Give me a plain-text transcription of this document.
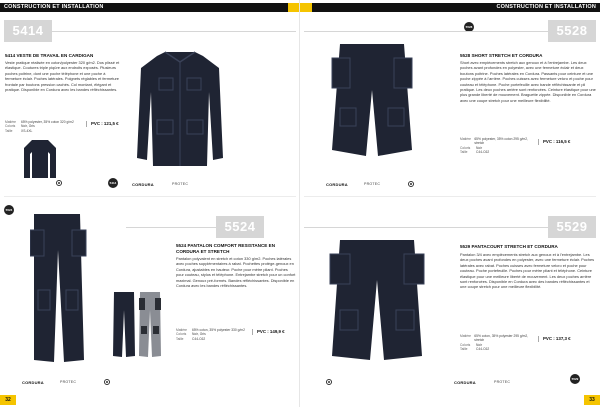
CONSTRUCTION ET INSTALLATION
5414
5414 VESTE DE TRAVAIL EN CARDIGAN
Veste pratique réalisée en coton/polyester 320 g/m2. Dos plissé et élastique. Coutures triple piqûre aux endroits exposés. Plusieurs poches poitrine, dont une poche téléphone et une poche à fermeture éclair. Poches latérales. Poignets réglables et fermeture frontale par boutons pression cachés. Col montant, élégant et pratique. Disponible en Cordura avec les bandes réfléchissantes.
Matière	65% polyester, 35% coton 320 g/m2
Coloris	Noir, Gris
Taille	XS-4XL
PVC : 121,5 €
5414	CORDURA	PROTEC
5524
5524
5524 PANTALON COMFORT RESISTANCE EN CORDURA ET STRETCH
Pantalon polyvalent en stretch et coton 330 g/m2. Poches latérales avec poches supplémentaires à rabat. Pochettes protège-genoux en Cordura, ajustables en hauteur. Poche pour mètre pliant. Poches pour couteau, stylos et téléphone. Entrejambe stretch pour un confort maximal. Genoux pré-formés. Bandes réfléchissantes. Disponible en Cordura avec les bandes réfléchissantes.
Matière	65% coton, 35% polyester 330 g/m2
Coloris	Noir, Gris
Taille	C44-C62
PVC : 149,9 €
CORDURA	PROTEC
32
CONSTRUCTION ET INSTALLATION
5528	5528
5528 SHORT STRETCH ET CORDURA
Short avec empiècements stretch aux genoux et à l'entrejambe. Les deux poches avant profondes en polyester, avec une fermeture éclair et deux boutons poitrine. Poches latérales en Cordura. Passants pour ceinture et une poche zippée à l'arrière. Poches cuisses avec fermeture velcro et poche pour couteau et téléphone. Poche portefeuille avec bande réfléchissante et pli pratique. Les deux poches arrière sont renforcées. Ceinture élastique pour une plus grande liberté de mouvement. Braguette zippée. Disponible en Cordura avec une coupe stretch pour une meilleure flexibilité.
Matière	65% polyester, 35% coton 295 g/m2, stretch
Coloris	Noir
Taille	C44-C62
PVC : 116,5 €
CORDURA	PROTEC
5529
5529 PANTACOURT STRETCH ET CORDURA
Pantalon 3/4 avec empiècements stretch aux genoux et à l'entrejambe. Les deux poches avant profondes en polyester, avec une fermeture éclair. Poches latérales avec rabat. Poches cuisses avec fermeture velcro et poche pour couteau. Poche portefeuille. Poches pour mètre pliant et téléphone. Ceinture élastique pour une meilleure liberté de mouvement. Les deux poches arrière sont renforcées. Disponible en Cordura avec des bandes réfléchissantes et une coupe stretch pour une meilleure flexibilité.
Matière 65% coton, 35% polyester 295 g/m2, stretch
Coloris	Noir
Taille	C44-C62
PVC : 137,3 €
CORDURA	PROTEC
5529
33
